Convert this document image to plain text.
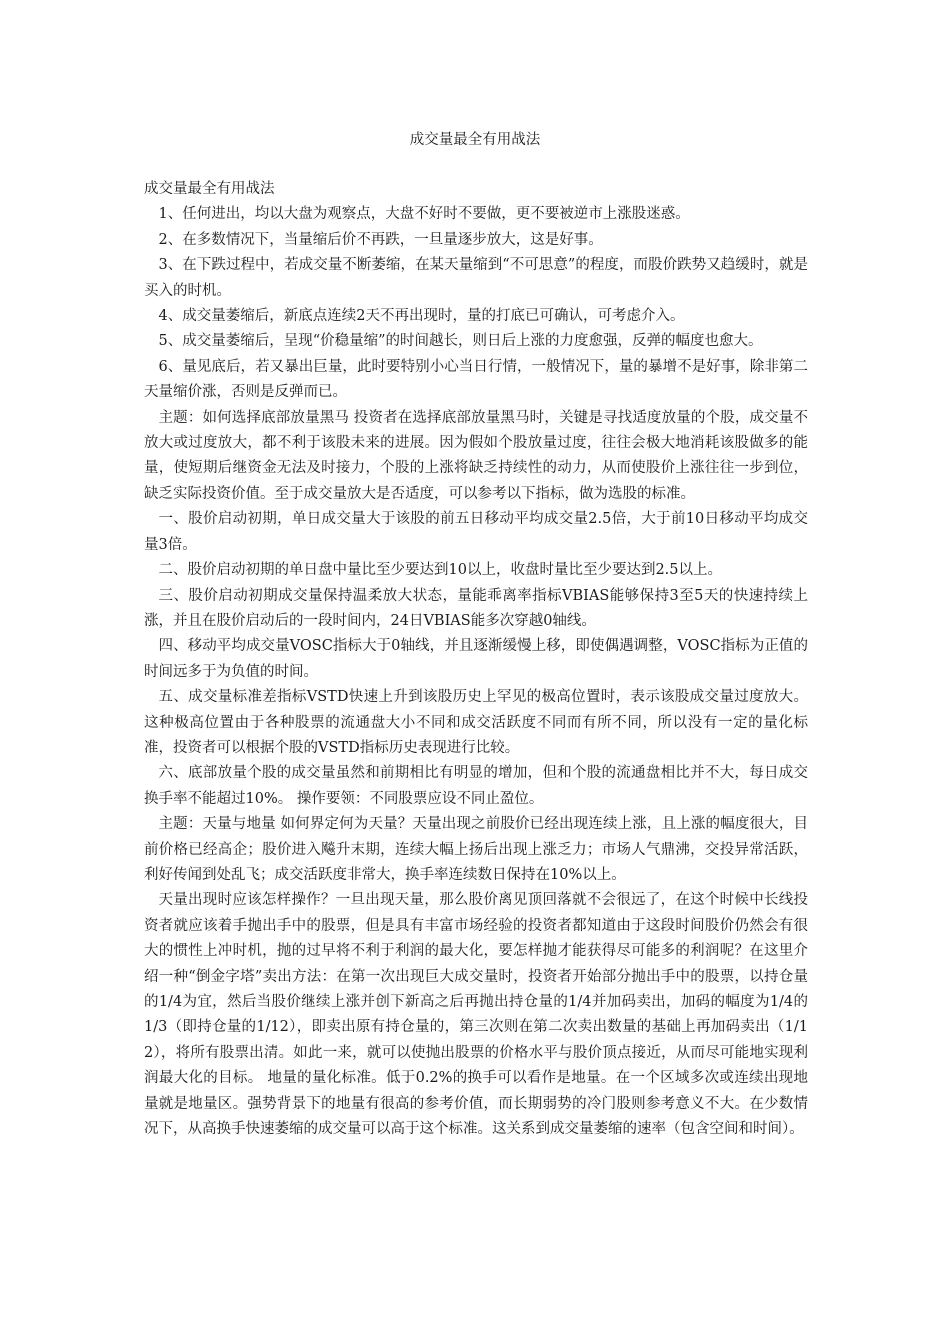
成交量最全有用战法

成交量最全有用战法

1、任何进出，均以大盘为观察点，大盘不好时不要做，更不要被逆市上涨股迷惑。

2、在多数情况下，当量缩后价不再跌，一旦量逐步放大，这是好事。

3、在下跌过程中，若成交量不断萎缩，在某天量缩到“不可思意”的程度，而股价跌势又趋缓时，就是买入的时机。

4、成交量萎缩后，新底点连续2天不再出现时，量的打底已可确认，可考虑介入。

5、成交量萎缩后，呈现“价稳量缩”的时间越长，则日后上涨的力度愈强，反弹的幅度也愈大。

6、量见底后，若又暴出巨量，此时要特别小心当日行情，一般情况下，量的暴增不是好事，除非第二天量缩价涨，否则是反弹而已。

主题：如何选择底部放量黑马 投资者在选择底部放量黑马时，关键是寻找适度放量的个股，成交量不放大或过度放大，都不利于该股未来的进展。因为假如个股放量过度，往往会极大地消耗该股做多的能量，使短期后继资金无法及时接力，个股的上涨将缺乏持续性的动力，从而使股价上涨往往一步到位，缺乏实际投资价值。至于成交量放大是否适度，可以参考以下指标，做为选股的标准。

一、股价启动初期，单日成交量大于该股的前五日移动平均成交量2.5倍，大于前10日移动平均成交量3倍。

二、股价启动初期的单日盘中量比至少要达到10以上，收盘时量比至少要达到2.5以上。

三、股价启动初期成交量保持温柔放大状态，量能乖离率指标VBIAS能够保持3至5天的快速持续上涨，并且在股价启动后的一段时间内，24日VBIAS能多次穿越0轴线。

四、移动平均成交量VOSC指标大于0轴线，并且逐渐缓慢上移，即使偶遇调整，VOSC指标为正值的时间远多于为负值的时间。

五、成交量标准差指标VSTD快速上升到该股历史上罕见的极高位置时，表示该股成交量过度放大。这种极高位置由于各种股票的流通盘大小不同和成交活跃度不同而有所不同，所以没有一定的量化标准，投资者可以根据个股的VSTD指标历史表现进行比较。

六、底部放量个股的成交量虽然和前期相比有明显的增加，但和个股的流通盘相比并不大，每日成交换手率不能超过10%。 操作要领：不同股票应设不同止盈位。

主题：天量与地量 如何界定何为天量？天量出现之前股价已经出现连续上涨，且上涨的幅度很大，目前价格已经高企；股价进入飚升末期，连续大幅上扬后出现上涨乏力；市场人气鼎沸，交投异常活跃，利好传闻到处乱飞；成交活跃度非常大，换手率连续数日保持在10%以上。

天量出现时应该怎样操作？一旦出现天量，那么股价离见顶回落就不会很远了，在这个时候中长线投资者就应该着手抛出手中的股票，但是具有丰富市场经验的投资者都知道由于这段时间股价仍然会有很大的惯性上冲时机，抛的过早将不利于利润的最大化，要怎样抛才能获得尽可能多的利润呢？在这里介绍一种“倒金字塔”卖出方法：在第一次出现巨大成交量时，投资者开始部分抛出手中的股票，以持仓量的1/4为宜，然后当股价继续上涨并创下新高之后再抛出持仓量的1/4并加码卖出，加码的幅度为1/4的1/3（即持仓量的1/12），即卖出原有持仓量的，第三次则在第二次卖出数量的基础上再加码卖出（1/12），将所有股票出清。如此一来，就可以使抛出股票的价格水平与股价顶点接近，从而尽可能地实现利润最大化的目标。 地量的量化标准。低于0.2%的换手可以看作是地量。在一个区域多次或连续出现地量就是地量区。强势背景下的地量有很高的参考价值，而长期弱势的冷门股则参考意义不大。在少数情况下，从高换手快速萎缩的成交量可以高于这个标准。这关系到成交量萎缩的速率（包含空间和时间）。
